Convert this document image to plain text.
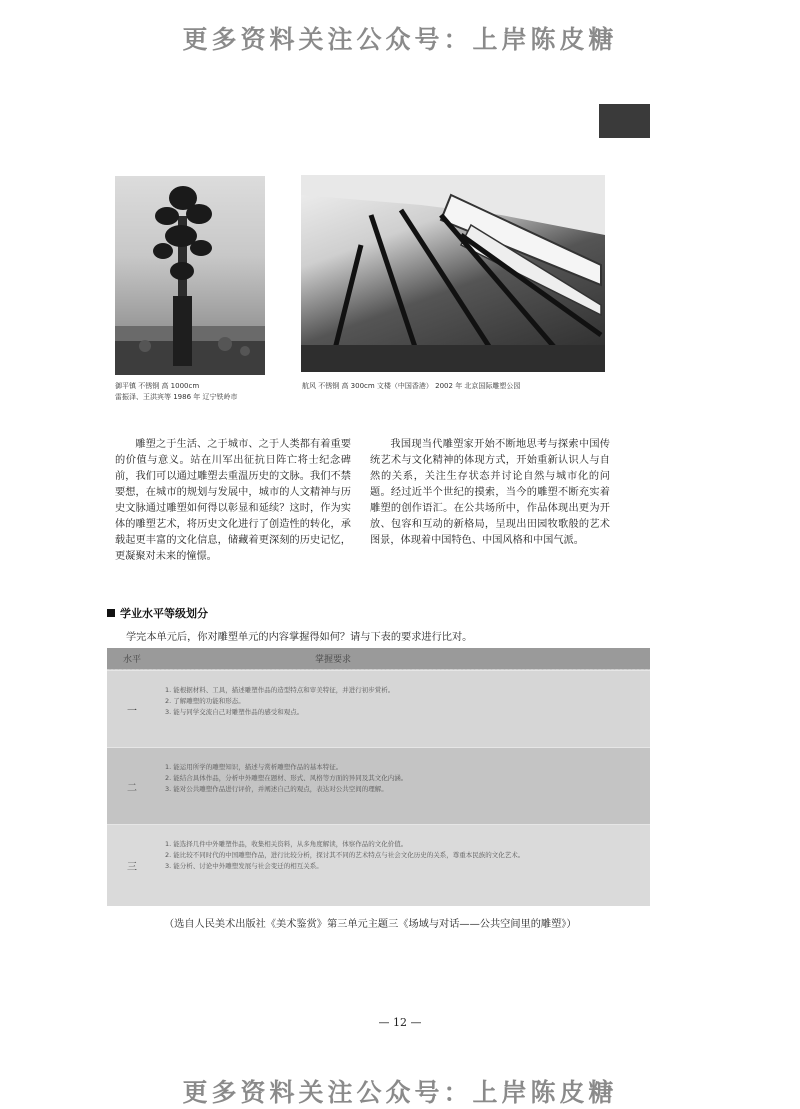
更多资料关注公众号：上岸陈皮糖
御平镇 不锈钢 高 1000cm
雷振泽、王洪宾等 1986 年 辽宁铁岭市
航风 不锈钢 高 300cm 文楼（中国香港） 2002 年 北京国际雕塑公园
雕塑之于生活、之于城市、之于人类都有着重要的价值与意义。站在川军出征抗日阵亡将士纪念碑前，我们可以通过雕塑去重温历史的文脉。我们不禁要想，在城市的规划与发展中，城市的人文精神与历史文脉通过雕塑如何得以彰显和延续？这时，作为实体的雕塑艺术，将历史文化进行了创造性的转化，承载起更丰富的文化信息，储藏着更深刻的历史记忆，更凝聚对未来的憧憬。
我国现当代雕塑家开始不断地思考与探索中国传统艺术与文化精神的体现方式，开始重新认识人与自然的关系，关注生存状态并讨论自然与城市化的问题。经过近半个世纪的摸索，当今的雕塑不断充实着雕塑的创作语汇。在公共场所中，作品体现出更为开放、包容和互动的新格局，呈现出田园牧歌般的艺术图景，体现着中国特色、中国风格和中国气派。
学业水平等级划分
学完本单元后，你对雕塑单元的内容掌握得如何？请与下表的要求进行比对。
水平	掌握要求
一
1. 能根据材料、工具，描述雕塑作品的造型特点和审美特征，并进行初步赏析。
2. 了解雕塑的功能和形态。
3. 能与同学交流自己对雕塑作品的感受和观点。
二
1. 能运用所学的雕塑知识，描述与赏析雕塑作品的基本特征。
2. 能结合具体作品，分析中外雕塑在题材、形式、风格等方面的异同及其文化内涵。
3. 能对公共雕塑作品进行评价，并阐述自己的观点，表达对公共空间的理解。
三
1. 能选择几件中外雕塑作品，收集相关资料，从多角度解读，体察作品的文化价值。
2. 能比较不同时代的中国雕塑作品，进行比较分析，探讨其不同的艺术特点与社会文化历史的关系，尊重本民族的文化艺术。
3. 能分析、讨论中外雕塑发展与社会变迁的相互关系。
（选自人民美术出版社《美术鉴赏》第三单元主题三《场域与对话——公共空间里的雕塑》）
— 12 —
更多资料关注公众号：上岸陈皮糖
